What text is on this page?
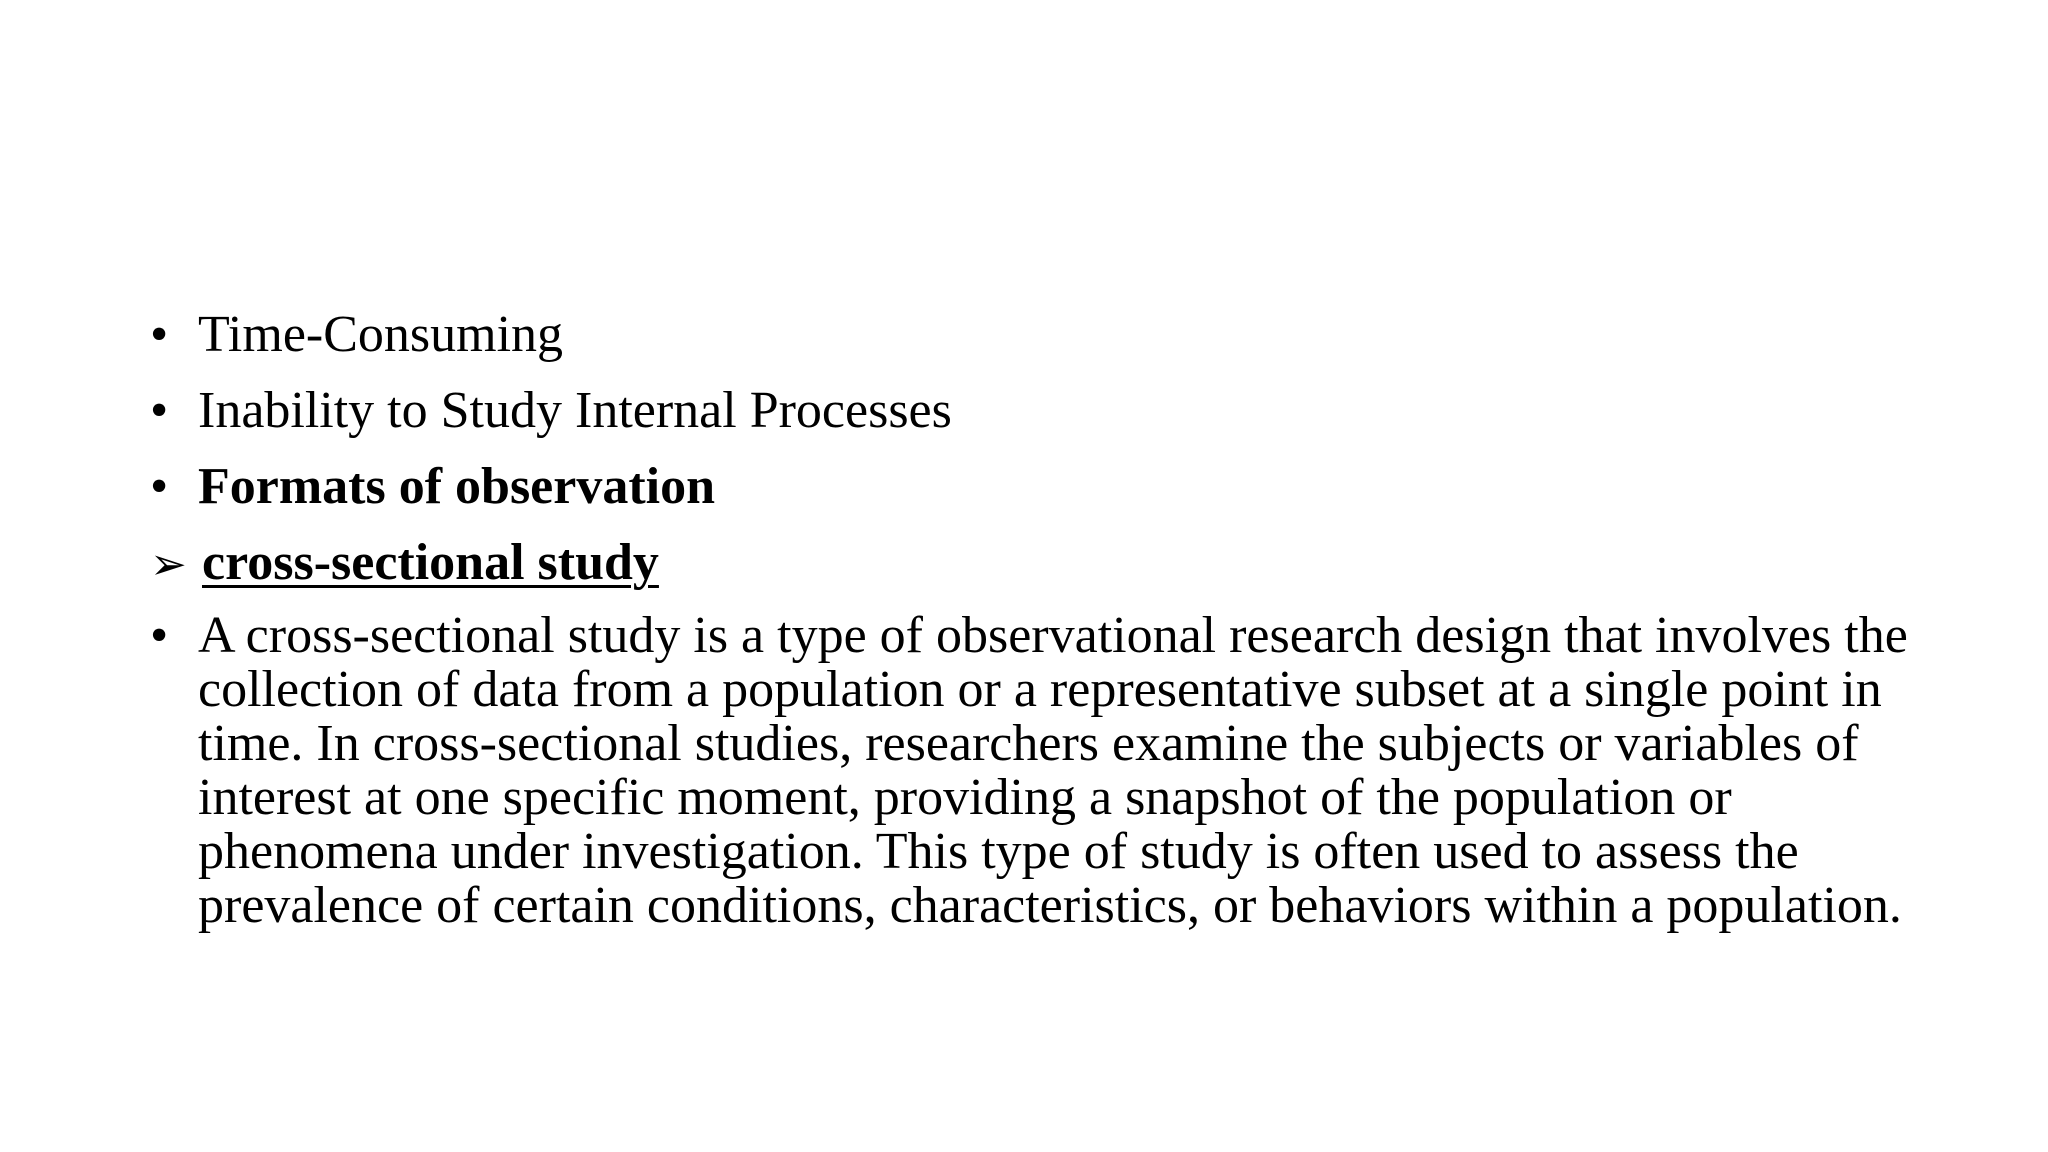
• Time-Consuming
• Inability to Study Internal Processes
• Formats of observation
➢ cross-sectional study
• A cross-sectional study is a type of observational research design that involves the collection of data from a population or a representative subset at a single point in time. In cross-sectional studies, researchers examine the subjects or variables of interest at one specific moment, providing a snapshot of the population or phenomena under investigation. This type of study is often used to assess the prevalence of certain conditions, characteristics, or behaviors within a population.
